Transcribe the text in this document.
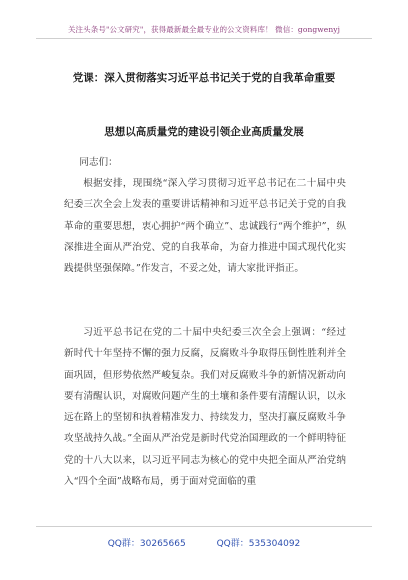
关注头条号"公文研究"，获得最新最全最专业的公文资料库！ 微信：gongwenyj
党课：深入贯彻落实习近平总书记关于党的自我革命重要
思想以高质量党的建设引领企业高质量发展

同志们：

根据安排，现围绕“深入学习贯彻习近平总书记在二十届中央纪委三次全会上发表的重要讲话精神和习近平总书记关于党的自我革命的重要思想，衷心拥护“两个确立”、忠诚践行“两个维护”，纵深推进全面从严治党、党的自我革命，为奋力推进中国式现代化实践提供坚强保障。”作发言，不妥之处，请大家批评指正。

习近平总书记在党的二十届中央纪委三次全会上强调：“经过新时代十年坚持不懈的强力反腐，反腐败斗争取得压倒性胜利并全面巩固，但形势依然严峻复杂。我们对反腐败斗争的新情况新动向要有清醒认识，对腐败问题产生的土壤和条件要有清醒认识，以永远在路上的坚韧和执着精准发力、持续发力，坚决打赢反腐败斗争攻坚战持久战。”全面从严治党是新时代党治国理政的一个鲜明特征党的十八大以来，以习近平同志为核心的党中央把全面从严治党纳入“四个全面”战略布局，勇于面对党面临的重

QQ群：30265665	QQ群：535304092
